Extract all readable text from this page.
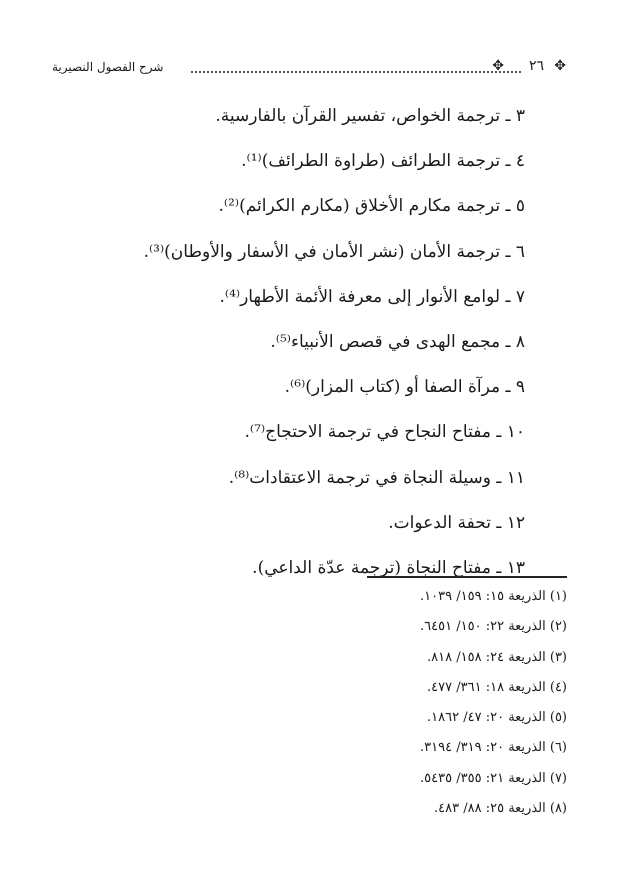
شرح الفصول النصيرية	✥ ٢٦ ✥
٣ ـ ترجمة الخواص، تفسير القرآن بالفارسية.
٤ ـ ترجمة الطرائف (طراوة الطرائف)⁽¹⁾.
٥ ـ ترجمة مكارم الأخلاق (مكارم الكرائم)⁽²⁾.
٦ ـ ترجمة الأمان (نشر الأمان في الأسفار والأوطان)⁽³⁾.
٧ ـ لوامع الأنوار إلى معرفة الأئمة الأطهار⁽⁴⁾.
٨ ـ مجمع الهدى في قصص الأنبياء⁽⁵⁾.
٩ ـ مرآة الصفا أو (كتاب المزار)⁽⁶⁾.
١٠ ـ مفتاح النجاح في ترجمة الاحتجاج⁽⁷⁾.
١١ ـ وسيلة النجاة في ترجمة الاعتقادات⁽⁸⁾.
١٢ ـ تحفة الدعوات.
١٣ ـ مفتاح النجاة (ترجمة عدّة الداعي).
(١) الذريعة ١٥: ١٥٩/ ١٠٣٩.
(٢) الذريعة ٢٢: ١٥٠/ ٦٤٥١.
(٣) الذريعة ٢٤: ١٥٨/ ٨١٨.
(٤) الذريعة ١٨: ٣٦١/ ٤٧٧.
(٥) الذريعة ٢٠: ٤٧/ ١٨٦٢.
(٦) الذريعة ٢٠: ٣١٩/ ٣١٩٤.
(٧) الذريعة ٢١: ٣٥٥/ ٥٤٣٥.
(٨) الذريعة ٢٥: ٨٨/ ٤٨٣.
